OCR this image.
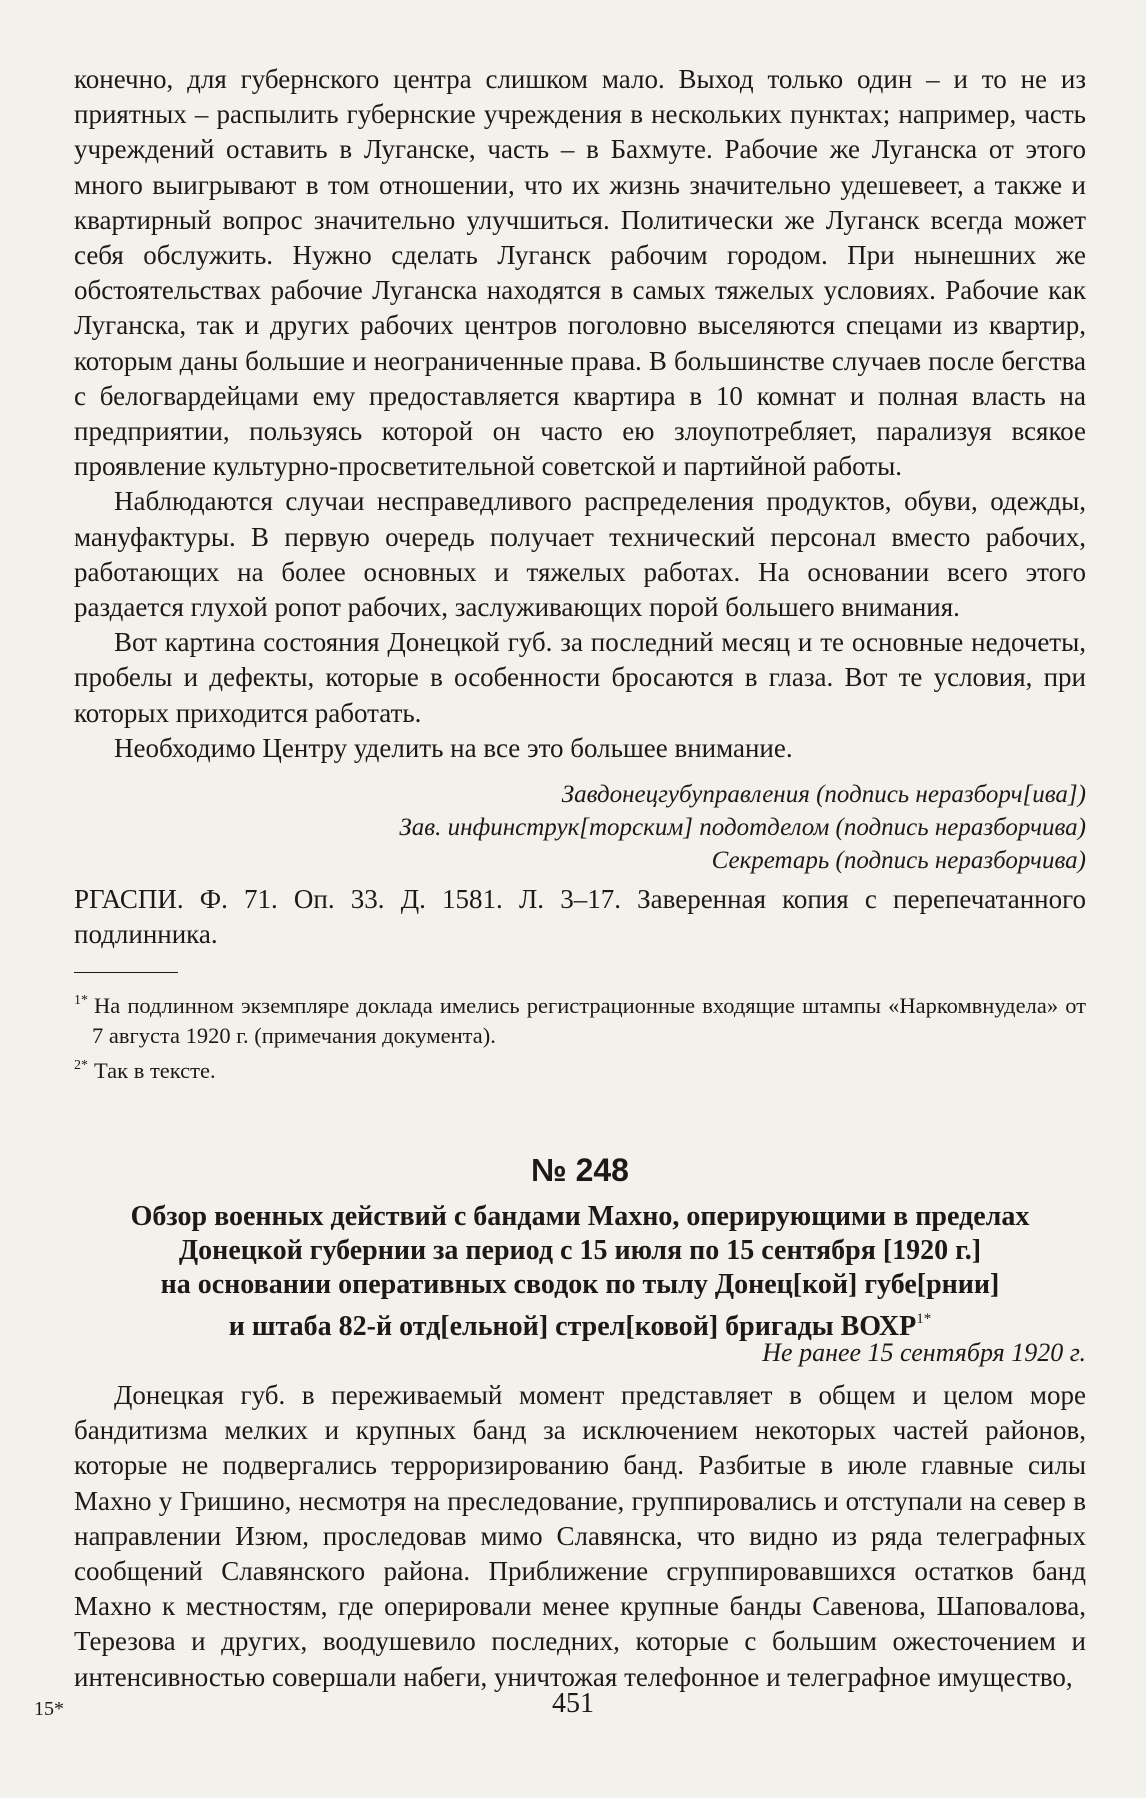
конечно, для губернского центра слишком мало. Выход только один – и то не из приятных – распылить губернские учреждения в нескольких пунктах; например, часть учреждений оставить в Луганске, часть – в Бахмуте. Рабочие же Луганска от этого много выигрывают в том отношении, что их жизнь значительно удешевеет, а также и квартирный вопрос значительно улучшиться. Политически же Луганск всегда может себя обслужить. Нужно сделать Луганск рабочим городом. При нынешних же обстоятельствах рабочие Луганска находятся в самых тяжелых условиях. Рабочие как Луганска, так и других рабочих центров поголовно выселяются спецами из квартир, которым даны большие и неограниченные права. В большинстве случаев после бегства с белогвардейцами ему предоставляется квартира в 10 комнат и полная власть на предприятии, пользуясь которой он часто ею злоупотребляет, парализуя всякое проявление культурно-просветительной советской и партийной работы.

Наблюдаются случаи несправедливого распределения продуктов, обуви, одежды, мануфактуры. В первую очередь получает технический персонал вместо рабочих, работающих на более основных и тяжелых работах. На основании всего этого раздается глухой ропот рабочих, заслуживающих порой большего внимания.

Вот картина состояния Донецкой губ. за последний месяц и те основные недочеты, пробелы и дефекты, которые в особенности бросаются в глаза. Вот те условия, при которых приходится работать.

Необходимо Центру уделить на все это большее внимание.

Завдонецгубуправления (подпись неразборч[ива])

Зав. инфинструк[торским] подотделом (подпись неразборчива)

Секретарь (подпись неразборчива)

РГАСПИ. Ф. 71. Оп. 33. Д. 1581. Л. 3–17. Заверенная копия с перепечатанного подлинника.

$^{1*}$ На подлинном экземпляре доклада имелись регистрационные входящие штампы «Наркомвнудела» от 7 августа 1920 г. (примечания документа).

$^{2*}$ Так в тексте.

№ 248

Обзор военных действий с бандами Махно, оперирующими в пределах

Донецкой губернии за период с 15 июля по 15 сентября [1920 г.]

на основании оперативных сводок по тылу Донец[кой] губе[рнии]

и штаба 82-й отд[ельной] стрел[ковой] бригады $ВОХР^{1*}$

Не ранее 15 сентября 1920 г.

Донецкая губ. в переживаемый момент представляет в общем и целом море бандитизма мелких и крупных банд за исключением некоторых частей районов, которые не подвергались терроризированию банд. Разбитые в июле главные силы Махно у Гришино, несмотря на преследование, группировались и отступали на север в направлении Изюм, проследовав мимо Славянска, что видно из ряда телеграфных сообщений Славянского района. Приближение сгруппировавшихся остатков банд Махно к местностям, где оперировали менее крупные банды Савенова, Шаповалова, Терезова и других, воодушевило последних, которые с большим ожесточением и интенсивностью совершали набеги, уничтожая телефонное и телеграфное имущество,

451
15*
